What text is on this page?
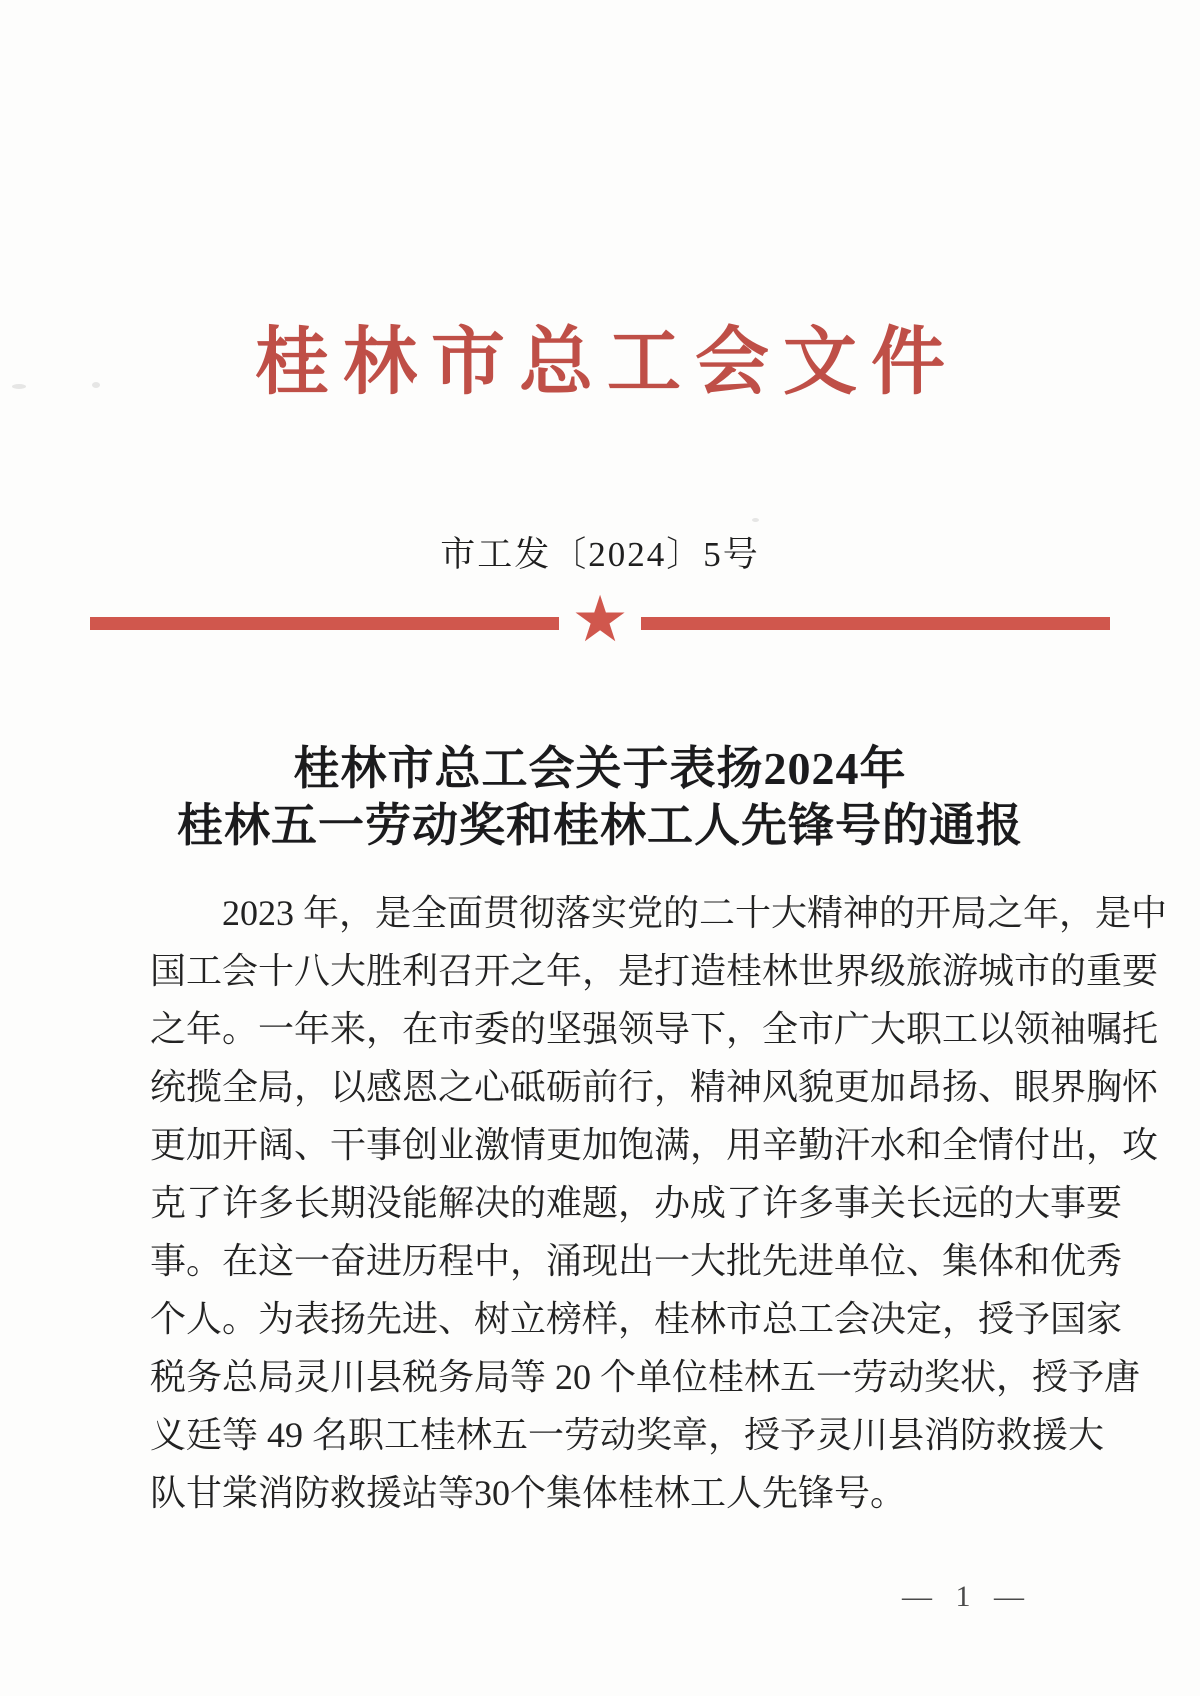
桂林市总工会文件
市工发〔2024〕5号
★
桂林市总工会关于表扬2024年
桂林五一劳动奖和桂林工人先锋号的通报
2023 年，是全面贯彻落实党的二十大精神的开局之年，是中
国工会十八大胜利召开之年，是打造桂林世界级旅游城市的重要
之年。一年来，在市委的坚强领导下，全市广大职工以领袖嘱托
统揽全局，以感恩之心砥砺前行，精神风貌更加昂扬、眼界胸怀
更加开阔、干事创业激情更加饱满，用辛勤汗水和全情付出，攻
克了许多长期没能解决的难题，办成了许多事关长远的大事要
事。在这一奋进历程中，涌现出一大批先进单位、集体和优秀
个人。为表扬先进、树立榜样，桂林市总工会决定，授予国家
税务总局灵川县税务局等 20 个单位桂林五一劳动奖状，授予唐
义廷等 49 名职工桂林五一劳动奖章，授予灵川县消防救援大
队甘棠消防救援站等30个集体桂林工人先锋号。
— 1 —
